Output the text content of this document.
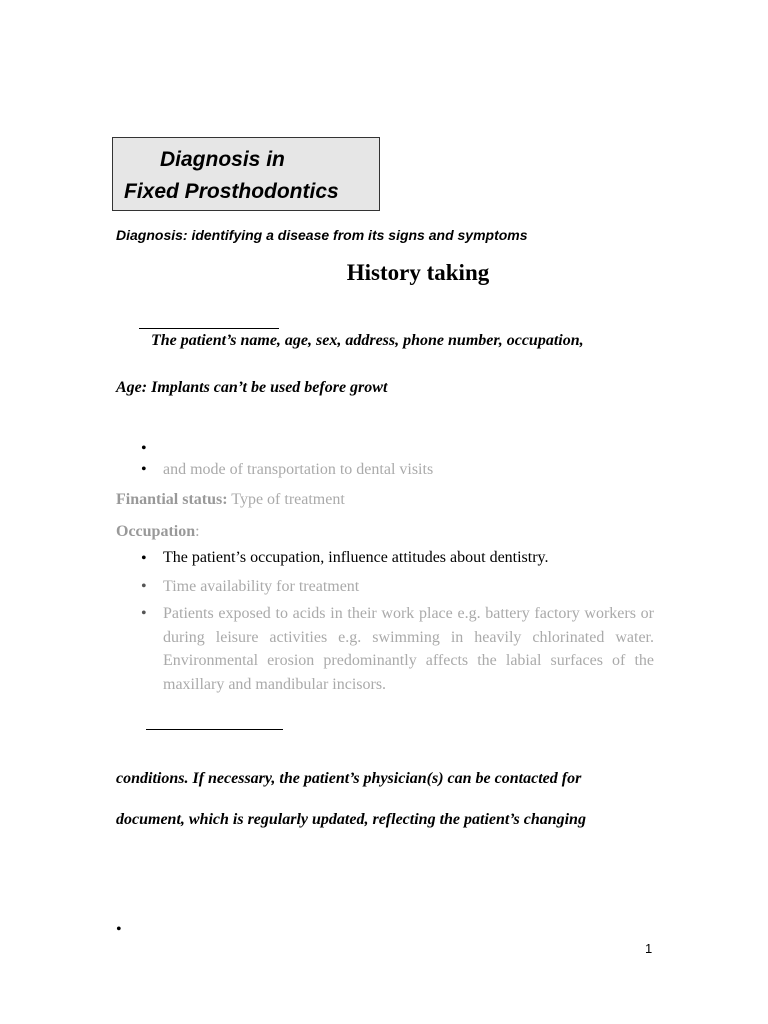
Diagnosis in
Fixed Prosthodontics
Diagnosis: identifying a disease from its signs and symptoms
History taking
The patient’s name, age, sex, address, phone number, occupation,
Age: Implants can’t be used before growt
•
• and mode of transportation to dental visits
Finantial status: Type of treatment
Occupation:
• The patient’s occupation, influence attitudes about dentistry.
• Time availability for treatment
• Patients exposed to acids in their work place e.g. battery factory workers or during leisure activities e.g. swimming in heavily chlorinated water. Environmental erosion predominantly affects the labial surfaces of the maxillary and mandibular incisors.
conditions. If necessary, the patient’s physician(s) can be contacted for
document, which is regularly updated, reflecting the patient’s changing
•
1
